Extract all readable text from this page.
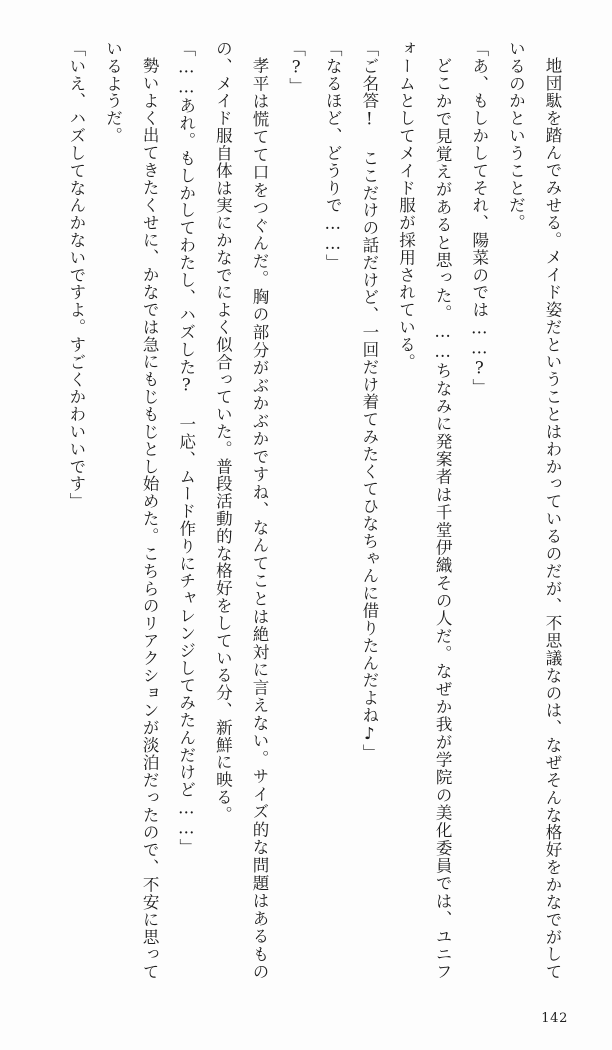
地団駄を踏んでみせる。メイド姿だということはわかっているのだが、不思議なのは、なぜそんな格好をかなでがしているのかということだ。

「あ、もしかしてそれ、陽菜のでは……?」

どこかで見覚えがあると思った。……ちなみに発案者は千堂伊織その人だ。なぜか我が学院の美化委員では、ユニフォームとしてメイド服が採用されている。

「ご名答! ここだけの話だけど、一回だけ着てみたくてひなちゃんに借りたんだよね♪」

「なるほど、どうりで……」

「?」

孝平は慌てて口をつぐんだ。胸の部分がぶかぶかですね、なんてことは絶対に言えない。サイズ的な問題はあるものの、メイド服自体は実にかなでによく似合っていた。普段活動的な格好をしている分、新鮮に映る。

「……あれ。もしかしてわたし、ハズした? 一応、ムード作りにチャレンジしてみたんだけど……」

勢いよく出てきたくせに、かなでは急にもじもじとし始めた。こちらのリアクションが淡泊だったので、不安に思っているようだ。

「いえ、ハズしてなんかないですよ。すごくかわいいです」

142
